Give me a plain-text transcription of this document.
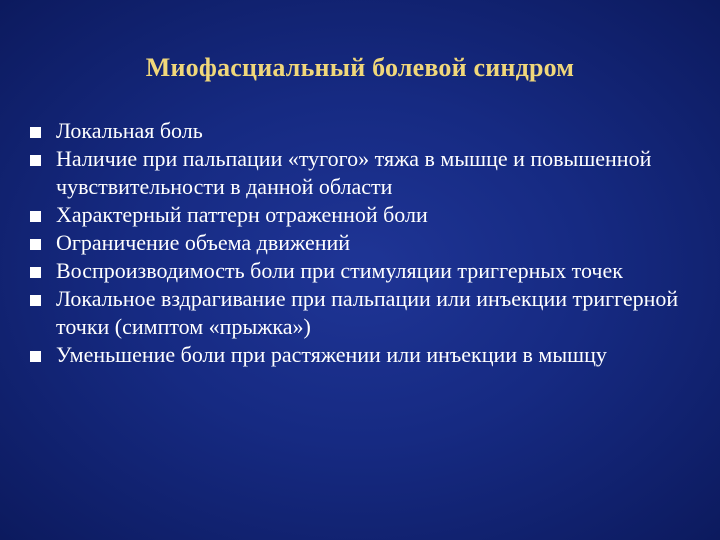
Миофасциальный болевой синдром
Локальная боль
Наличие при пальпации «тугого» тяжа в мышце и повышенной чувствительности в данной области
Характерный паттерн отраженной боли
Ограничение объема движений
Воспроизводимость боли при стимуляции триггерных точек
Локальное вздрагивание при пальпации или инъекции триггерной точки (симптом «прыжка»)
Уменьшение боли при растяжении или инъекции в мышцу
